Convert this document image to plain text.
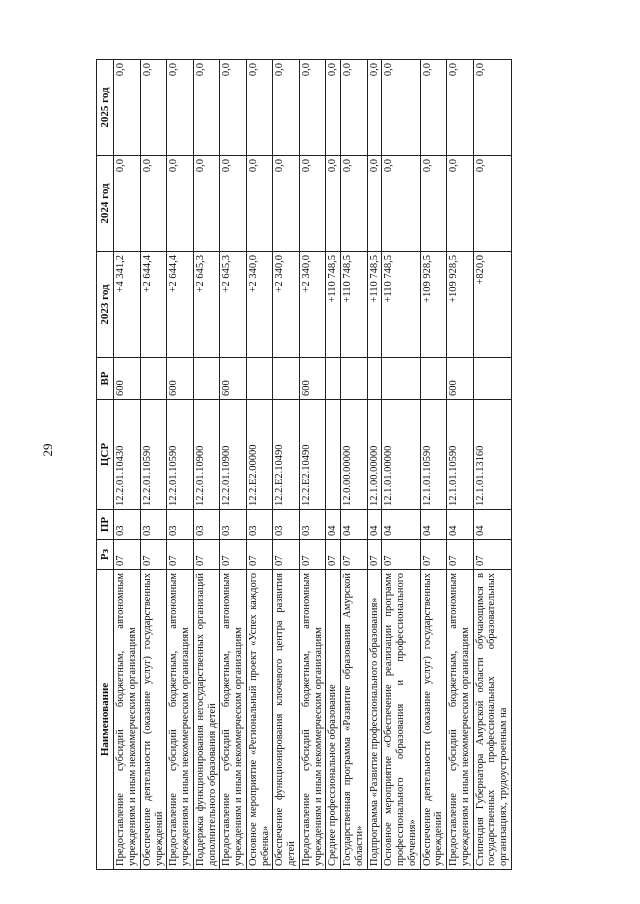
29
Наименование	Рз	ПР	ЦСР	ВР	2023 год	2024 год	2025 год
Предоставление субсидий бюджетным, автономным учреждениям и иным некоммерческим организациям	07	03	12.2.01.10430	600	+4 341,2	0,0	0,0
Обеспечение деятельности (оказание услуг) государственных учреждений	07	03	12.2.01.10590		+2 644,4	0,0	0,0
Предоставление субсидий бюджетным, автономным учреждениям и иным некоммерческим организациям	07	03	12.2.01.10590	600	+2 644,4	0,0	0,0
Поддержка функционирования негосударственных организаций дополнительного образования детей	07	03	12.2.01.10900		+2 645,3	0,0	0,0
Предоставление субсидий бюджетным, автономным учреждениям и иным некоммерческим организациям	07	03	12.2.01.10900	600	+2 645,3	0,0	0,0
Основное мероприятие «Региональный проект «Успех каждого ребенка»	07	03	12.2.E2.00000		+2 340,0	0,0	0,0
Обеспечение функционирования ключевого центра развития детей	07	03	12.2.E2.10490		+2 340,0	0,0	0,0
Предоставление субсидий бюджетным, автономным учреждениям и иным некоммерческим организациям	07	03	12.2.E2.10490	600	+2 340,0	0,0	0,0
Среднее профессиональное образование	07	04			+110 748,5	0,0	0,0
Государственная программа «Развитие образования Амурской области»	07	04	12.0.00.00000		+110 748,5	0,0	0,0
Подпрограмма «Развитие профессионального образования»	07	04	12.1.00.00000		+110 748,5	0,0	0,0
Основное мероприятие «Обеспечение реализации программ профессионального образования и профессионального обучения»	07	04	12.1.01.00000		+110 748,5	0,0	0,0
Обеспечение деятельности (оказание услуг) государственных учреждений	07	04	12.1.01.10590		+109 928,5	0,0	0,0
Предоставление субсидий бюджетным, автономным учреждениям и иным некоммерческим организациям	07	04	12.1.01.10590	600	+109 928,5	0,0	0,0
Стипендия Губернатора Амурской области обучающимся в государственных профессиональных образовательных организациях, трудоустроенным на	07	04	12.1.01.13160		+820,0	0,0	0,0
